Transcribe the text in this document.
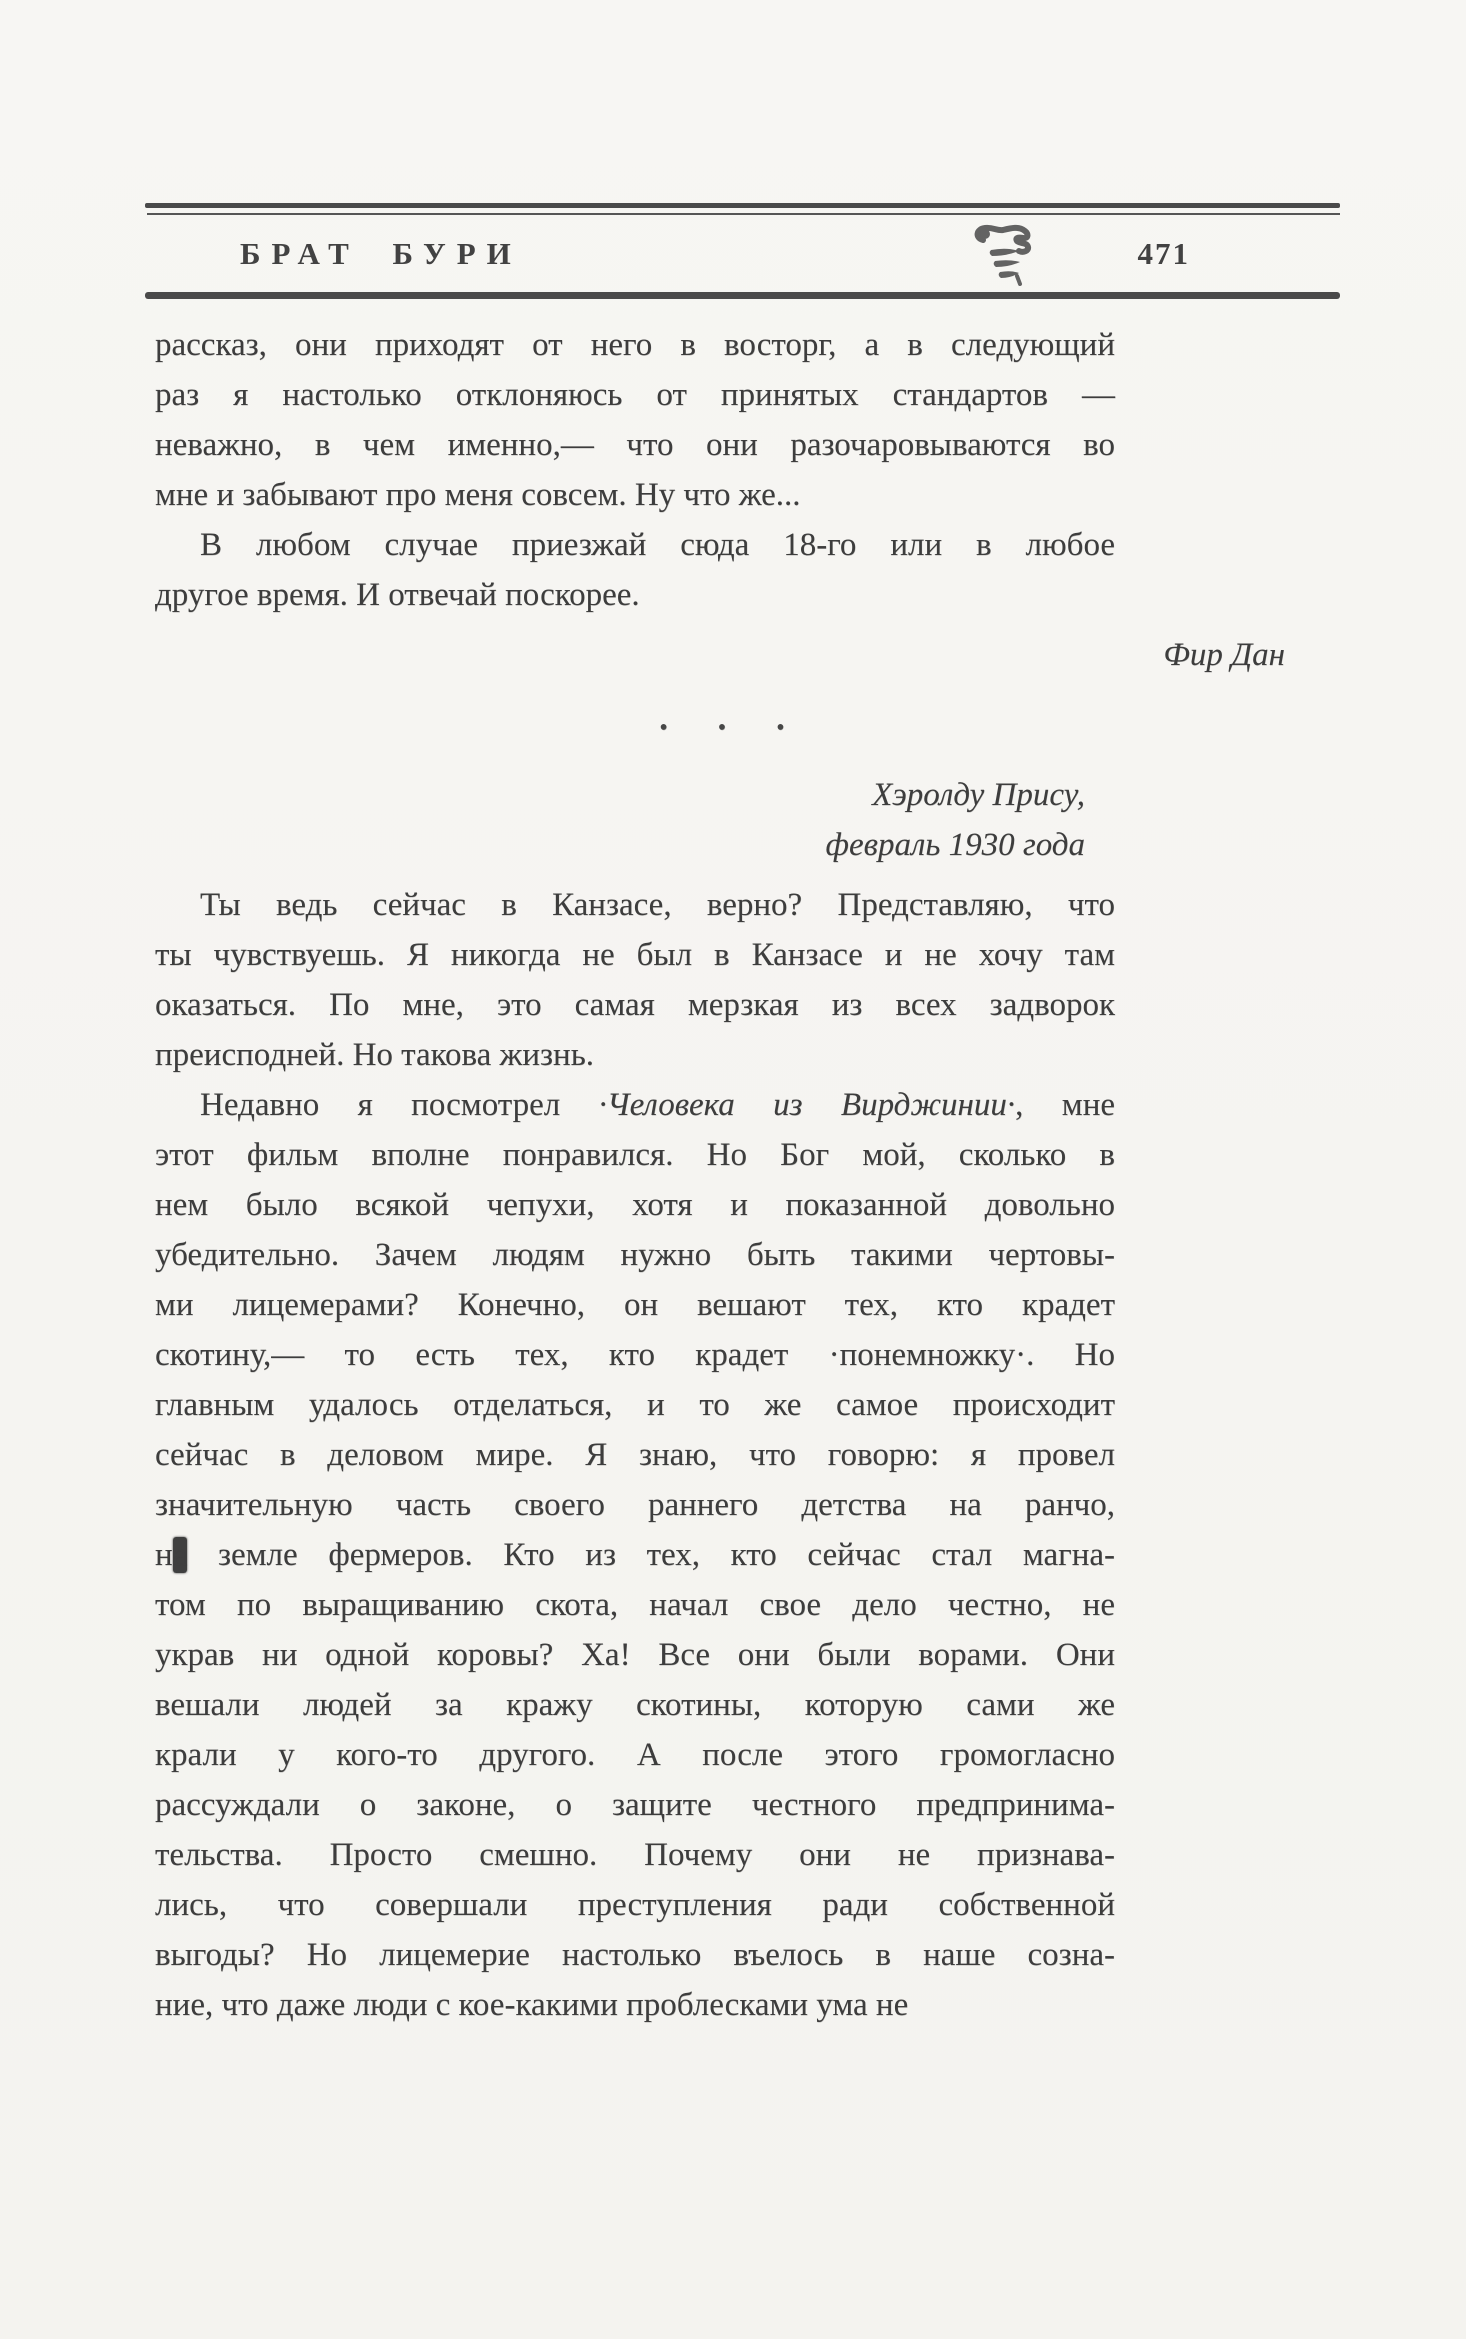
БРАТ БУРИ	471
рассказ, они приходят от него в восторг, а в следующий
раз я настолько отклоняюсь от принятых стандартов —
неважно, в чем именно,— что они разочаровываются во
мне и забывают про меня совсем. Ну что же...
В любом случае приезжай сюда 18-го или в любое
другое время. И отвечай поскорее.
Фир Дан
• • •
Хэролду Прису,
февраль 1930 года
Ты ведь сейчас в Канзасе, верно? Представляю, что
ты чувствуешь. Я никогда не был в Канзасе и не хочу там
оказаться. По мне, это самая мерзкая из всех задворок
преисподней. Но такова жизнь.
Недавно я посмотрел ·Человека из Вирджинии·, мне
этот фильм вполне понравился. Но Бог мой, сколько в
нем было всякой чепухи, хотя и показанной довольно
убедительно. Зачем людям нужно быть такими чертовы-
ми лицемерами? Конечно, он вешают тех, кто крадет
скотину,— то есть тех, кто крадет ·понемножку·. Но
главным удалось отделаться, и то же самое происходит
сейчас в деловом мире. Я знаю, что говорю: я провел
значительную часть своего раннего детства на ранчо,
на земле фермеров. Кто из тех, кто сейчас стал магна-
том по выращиванию скота, начал свое дело честно, не
украв ни одной коровы? Ха! Все они были ворами. Они
вешали людей за кражу скотины, которую сами же
крали у кого-то другого. А после этого громогласно
рассуждали о законе, о защите честного предпринима-
тельства. Просто смешно. Почему они не признава-
лись, что совершали преступления ради собственной
выгоды? Но лицемерие настолько въелось в наше созна-
ние, что даже люди с кое-какими проблесками ума не
